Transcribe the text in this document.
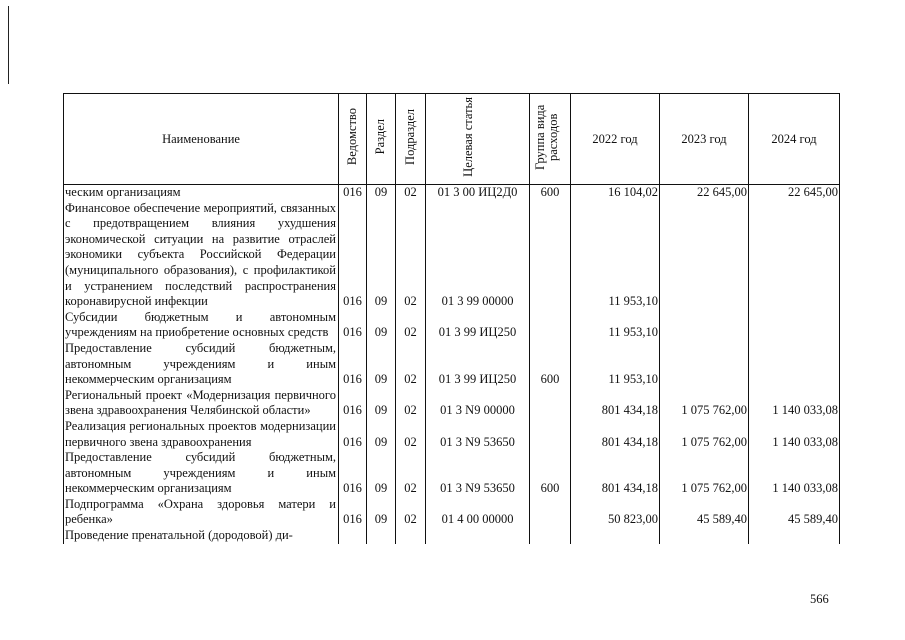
Наименование	Ведомство	Раздел	Подраздел	Целевая статья	Группа вида расходов	2022 год	2023 год	2024 год
ческим организациям	016	09	02	01 3 00 ИЦ2Д0	600	16 104,02	22 645,00	22 645,00
Финансовое обеспечение мероприятий, связанных с предотвращением влияния ухудшения экономической ситуации на развитие отраслей экономики субъекта Российской Федерации (муниципального образования), с профилактикой и устранением последствий распространения коронавирусной инфекции	016	09	02	01 3 99 00000		11 953,10		
Субсидии бюджетным и автономным учреждениям на приобретение основных средств	016	09	02	01 3 99 ИЦ250		11 953,10		
Предоставление субсидий бюджетным, автономным учреждениям и иным некоммерческим организациям	016	09	02	01 3 99 ИЦ250	600	11 953,10		
Региональный проект «Модернизация первичного звена здравоохранения Челябинской области»	016	09	02	01 3 N9 00000		801 434,18	1 075 762,00	1 140 033,08
Реализация региональных проектов модернизации первичного звена здравоохранения	016	09	02	01 3 N9 53650		801 434,18	1 075 762,00	1 140 033,08
Предоставление субсидий бюджетным, автономным учреждениям и иным некоммерческим организациям	016	09	02	01 3 N9 53650	600	801 434,18	1 075 762,00	1 140 033,08
Подпрограмма «Охрана здоровья матери и ребенка»	016	09	02	01 4 00 00000		50 823,00	45 589,40	45 589,40
Проведение пренатальной (дородовой) ди-								
566
